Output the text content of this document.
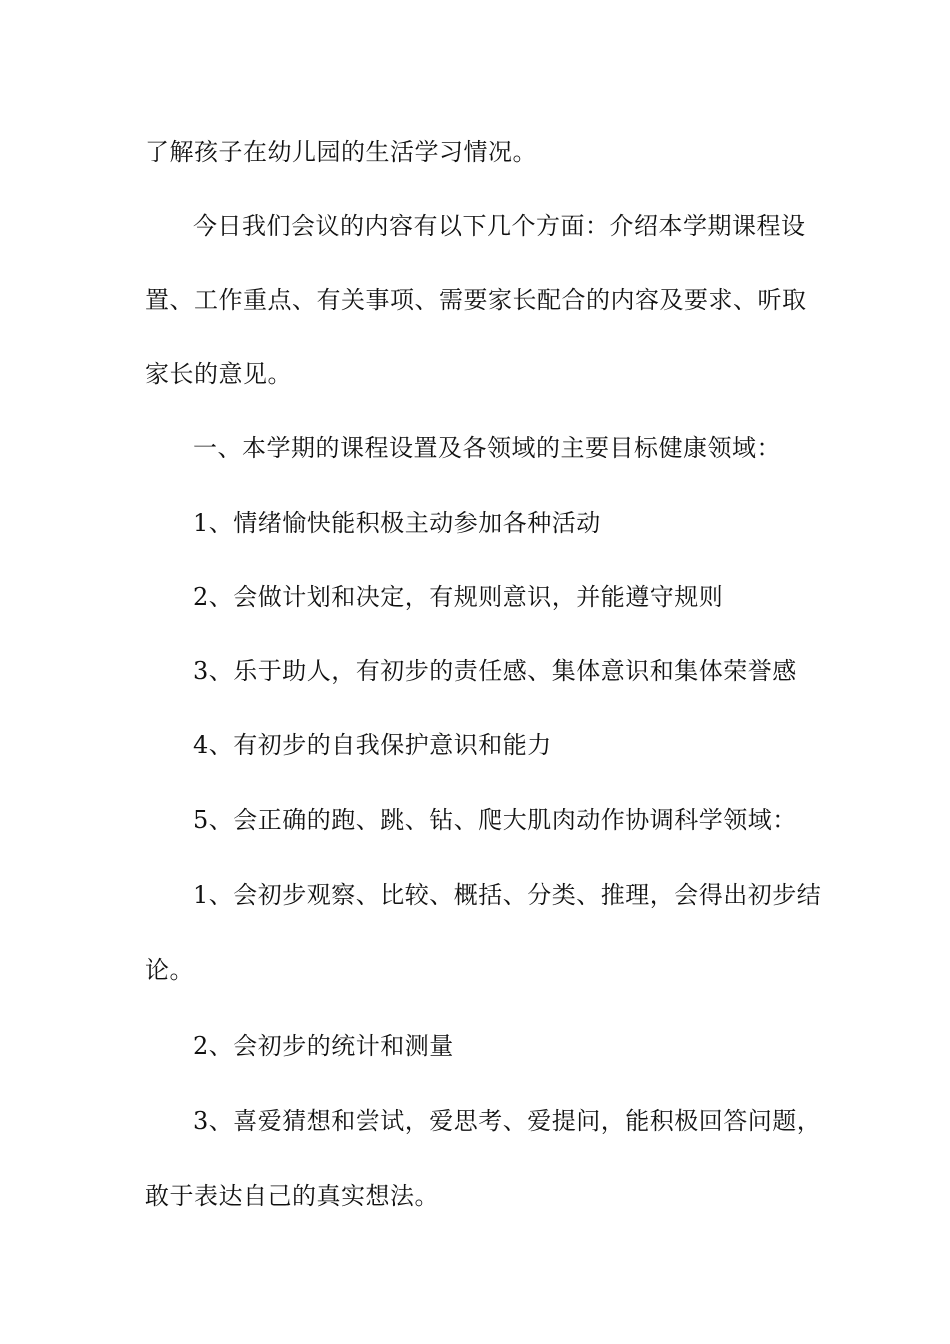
了解孩子在幼儿园的生活学习情况。
今日我们会议的内容有以下几个方面：介绍本学期课程设
置、工作重点、有关事项、需要家长配合的内容及要求、听取
家长的意见。
一、本学期的课程设置及各领域的主要目标健康领域：
1、情绪愉快能积极主动参加各种活动
2、会做计划和决定，有规则意识，并能遵守规则
3、乐于助人，有初步的责任感、集体意识和集体荣誉感
4、有初步的自我保护意识和能力
5、会正确的跑、跳、钻、爬大肌肉动作协调科学领域：
1、会初步观察、比较、概括、分类、推理，会得出初步结
论。
2、会初步的统计和测量
3、喜爱猜想和尝试，爱思考、爱提问，能积极回答问题，
敢于表达自己的真实想法。
